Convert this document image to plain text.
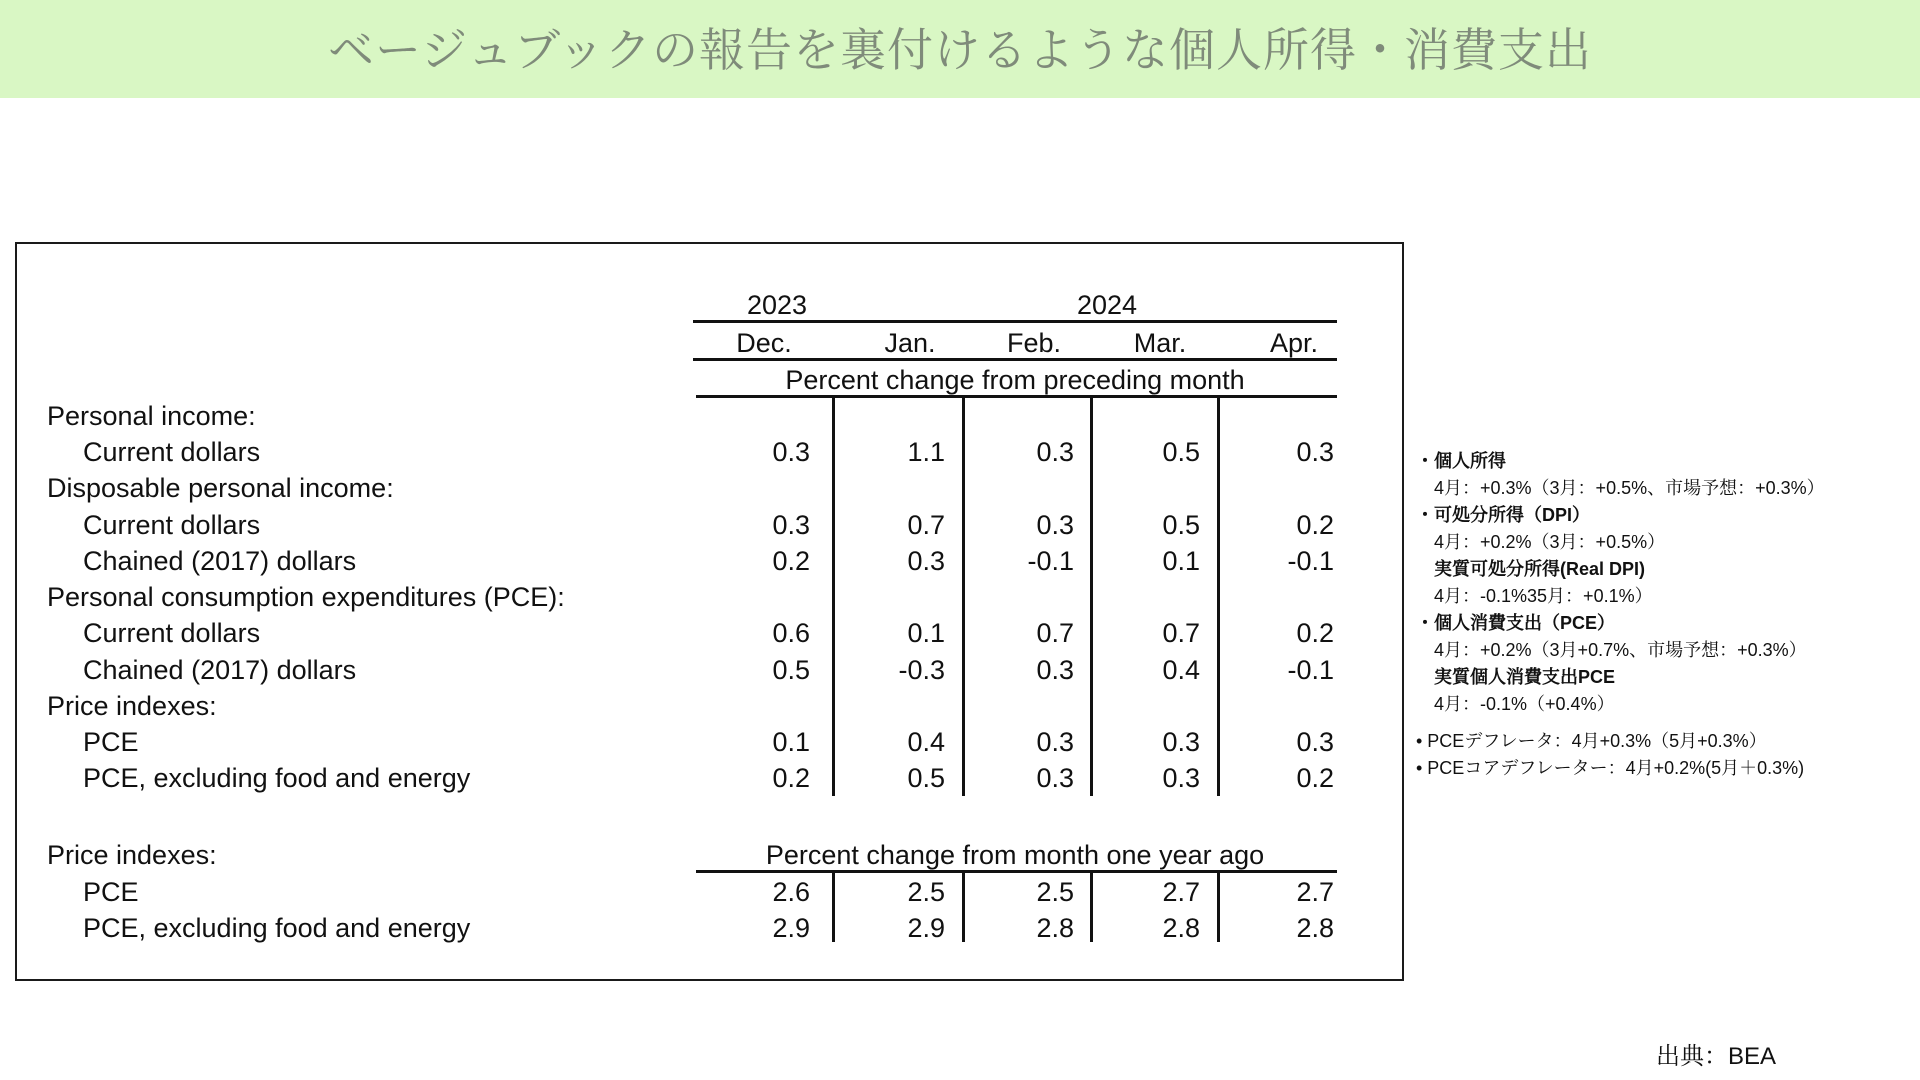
ベージュブックの報告を裏付けるような個人所得・消費支出
2023	2024
Dec.	Jan.	Feb.	Mar.	Apr.
Percent change from preceding month
Personal income:
Current dollars	0.3	1.1	0.3	0.5	0.3
Disposable personal income:
Current dollars	0.3	0.7	0.3	0.5	0.2
Chained (2017) dollars	0.2	0.3	-0.1	0.1	-0.1
Personal consumption expenditures (PCE):
Current dollars	0.6	0.1	0.7	0.7	0.2
Chained (2017) dollars	0.5	-0.3	0.3	0.4	-0.1
Price indexes:
PCE	0.1	0.4	0.3	0.3	0.3
PCE, excluding food and energy	0.2	0.5	0.3	0.3	0.2
Price indexes:	Percent change from month one year ago
PCE	2.6	2.5	2.5	2.7	2.7
PCE, excluding food and energy	2.9	2.9	2.8	2.8	2.8
・個人所得
4月：+0.3%（3月：+0.5%、市場予想：+0.3%）
・可処分所得（DPI）
4月：+0.2%（3月：+0.5%）
実質可処分所得(Real DPI)
4月：-0.1%35月：+0.1%）
・個人消費支出（PCE）
4月：+0.2%（3月+0.7%、市場予想：+0.3%）
実質個人消費支出PCE
4月：-0.1%（+0.4%）
• PCEデフレータ：4月+0.3%（5月+0.3%）
• PCEコアデフレーター：4月+0.2%(5月＋0.3%)
出典：BEA
